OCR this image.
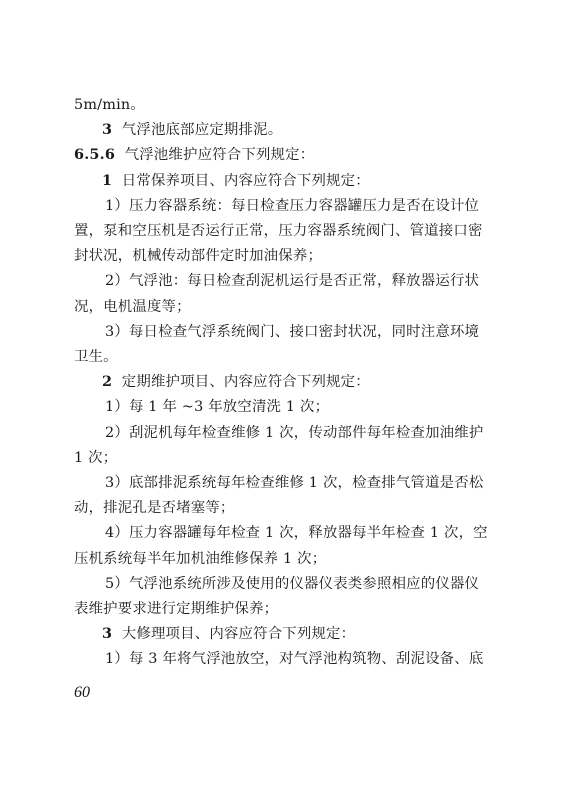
5m/min。
3 气浮池底部应定期排泥。
6.5.6 气浮池维护应符合下列规定：
1 日常保养项目、内容应符合下列规定：
1）压力容器系统：每日检查压力容器罐压力是否在设计位
置，泵和空压机是否运行正常，压力容器系统阀门、管道接口密
封状况，机械传动部件定时加油保养；
2）气浮池：每日检查刮泥机运行是否正常，释放器运行状
况，电机温度等；
3）每日检查气浮系统阀门、接口密封状况，同时注意环境
卫生。
2 定期维护项目、内容应符合下列规定：
1）每 1 年 ~3 年放空清洗 1 次；
2）刮泥机每年检查维修 1 次，传动部件每年检查加油维护
1 次；
3）底部排泥系统每年检查维修 1 次，检查排气管道是否松
动，排泥孔是否堵塞等；
4）压力容器罐每年检查 1 次，释放器每半年检查 1 次，空
压机系统每半年加机油维修保养 1 次；
5）气浮池系统所涉及使用的仪器仪表类参照相应的仪器仪
表维护要求进行定期维护保养；
3 大修理项目、内容应符合下列规定：
1）每 3 年将气浮池放空，对气浮池构筑物、刮泥设备、底
60
